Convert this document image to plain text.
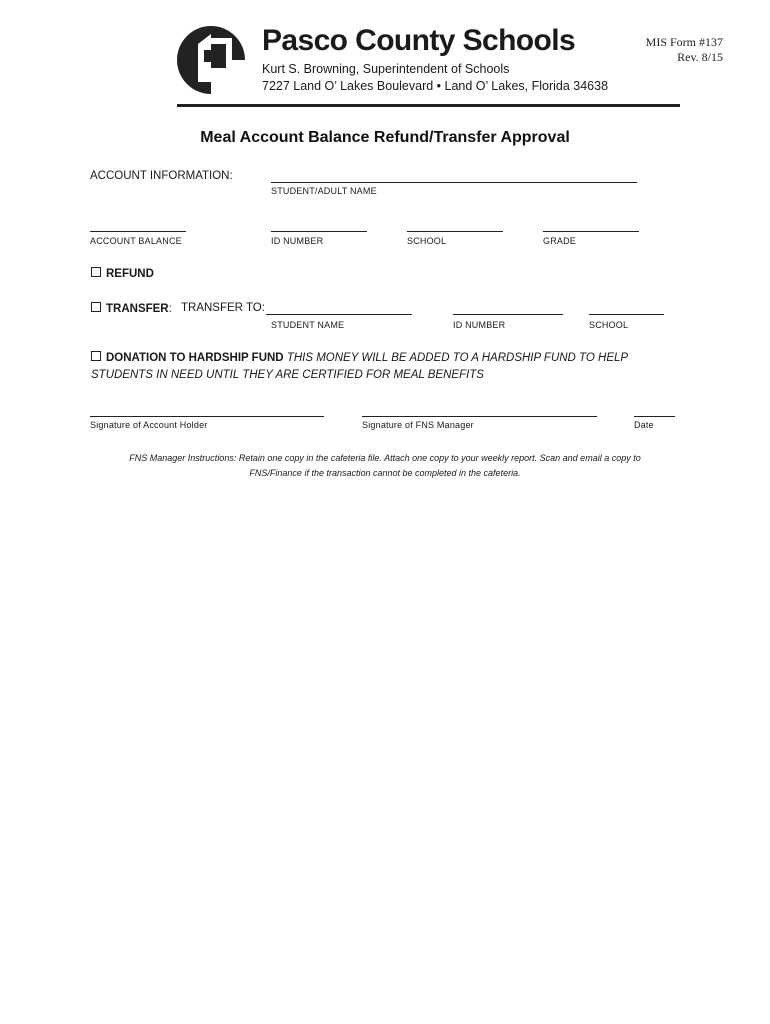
Pasco County Schools
Kurt S. Browning, Superintendent of Schools
7227 Land O’ Lakes Boulevard • Land O’ Lakes, Florida 34638
MIS Form #137
Rev. 8/15
Meal Account Balance Refund/Transfer Approval
ACCOUNT INFORMATION:
STUDENT/ADULT NAME
ACCOUNT BALANCE	ID NUMBER	SCHOOL	GRADE
REFUND
TRANSFER: TRANSFER TO:
STUDENT NAME	ID NUMBER	SCHOOL
DONATION TO HARDSHIP FUND THIS MONEY WILL BE ADDED TO A HARDSHIP FUND TO HELP
STUDENTS IN NEED UNTIL THEY ARE CERTIFIED FOR MEAL BENEFITS
Signature of Account Holder	Signature of FNS Manager	Date
FNS Manager Instructions: Retain one copy in the cafeteria file. Attach one copy to your weekly report. Scan and email a copy to
FNS/Finance if the transaction cannot be completed in the cafeteria.
